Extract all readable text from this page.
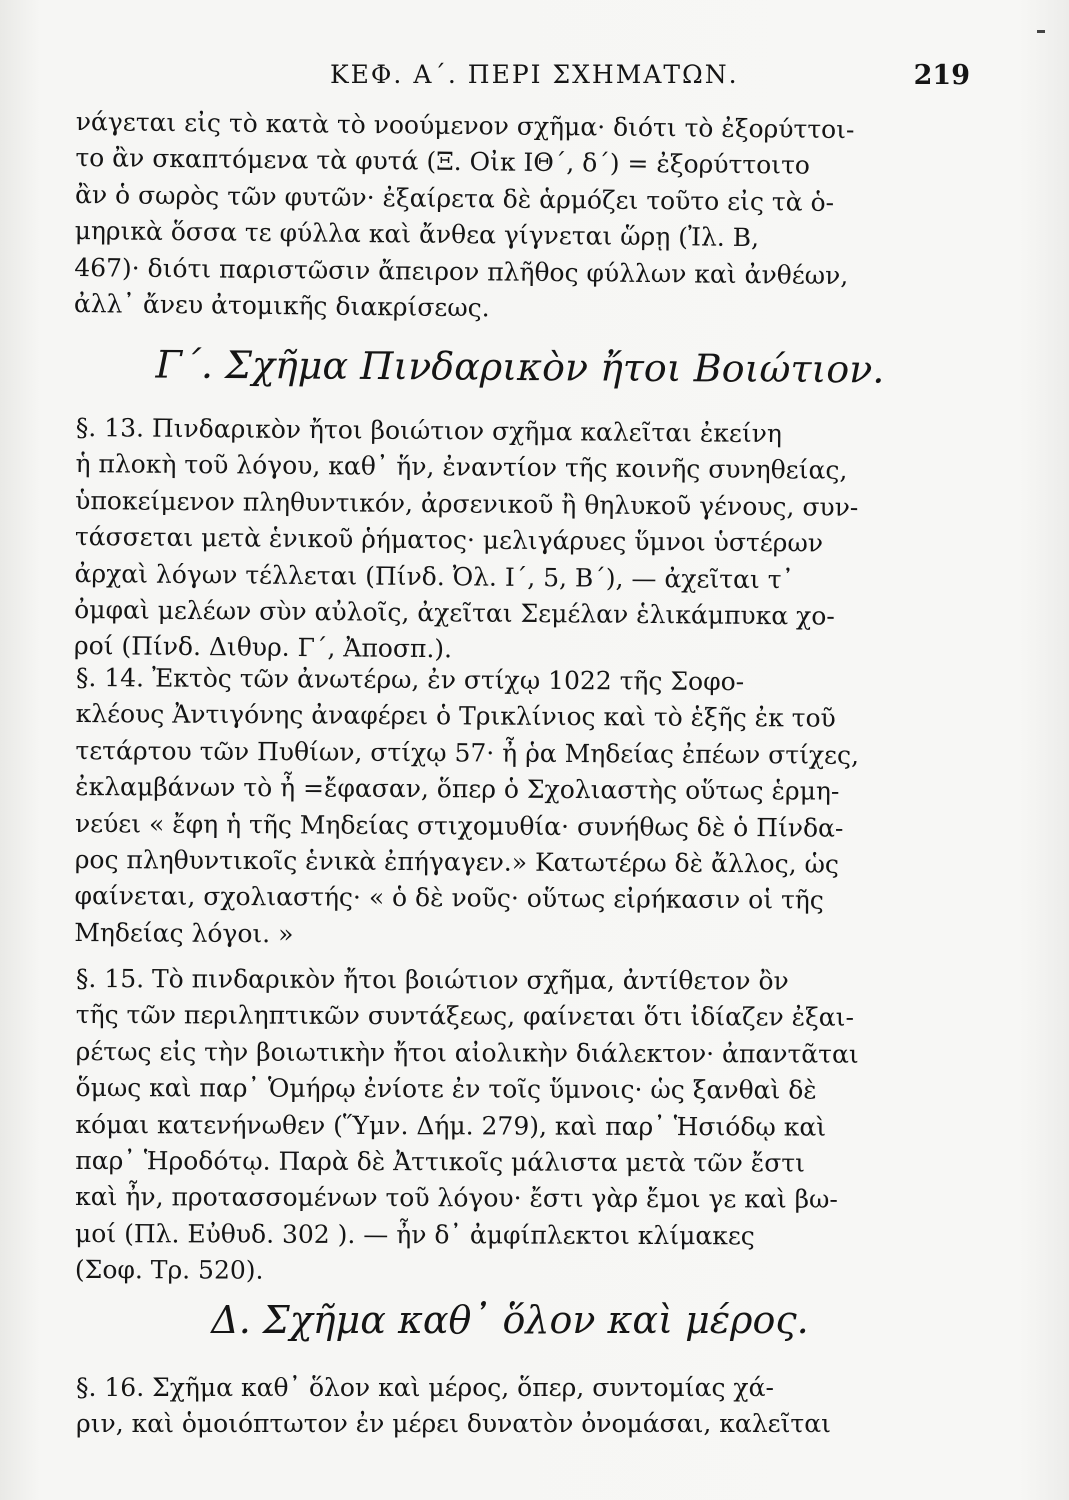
ΚΕΦ. Α΄. ΠΕΡΙ ΣΧΗΜΑΤΩΝ.	219
νάγεται εἰς τὸ κατὰ τὸ νοούμενον σχῆμα· διότι τὸ ἐξορύττοι-
το ἂν σκαπτόμενα τὰ φυτά (Ξ. Οἰκ ΙΘ΄, δ΄) = ἐξορύττοιτο
ἂν ὁ σωρὸς τῶν φυτῶν· ἐξαίρετα δὲ ἁρμόζει τοῦτο εἰς τὰ ὁ-
μηρικὰ ὅσσα τε φύλλα καὶ ἄνθεα γίγνεται ὥρῃ (Ἰλ. Β,
467)· διότι παριστῶσιν ἄπειρον πλῆθος φύλλων καὶ ἀνθέων,
ἀλλ᾽ ἄνευ ἀτομικῆς διακρίσεως.
Γ΄. Σχῆμα Πινδαρικὸν ἤτοι Βοιώτιον.
§. 13. Πινδαρικὸν ἤτοι βοιώτιον σχῆμα καλεῖται ἐκείνη
ἡ πλοκὴ τοῦ λόγου, καθ᾽ ἥν, ἐναντίον τῆς κοινῆς συνηθείας,
ὑποκείμενον πληθυντικόν, ἀρσενικοῦ ἢ θηλυκοῦ γένους, συν-
τάσσεται μετὰ ἑνικοῦ ῥήματος· μελιγάρυες ὕμνοι ὑστέρων
ἀρχαὶ λόγων τέλλεται (Πίνδ. Ὀλ. Ι΄, 5, Β΄), — ἀχεῖται τ᾽
ὀμφαὶ μελέων σὺν αὐλοῖς, ἀχεῖται Σεμέλαν ἑλικάμπυκα χο-
ροί (Πίνδ. Διθυρ. Γ΄, Ἀποσπ.).
§. 14. Ἐκτὸς τῶν ἀνωτέρω, ἐν στίχῳ 1022 τῆς Σοφο-
κλέους Ἀντιγόνης ἀναφέρει ὁ Τρικλίνιος καὶ τὸ ἑξῆς ἐκ τοῦ
τετάρτου τῶν Πυθίων, στίχῳ 57· ἦ ῥα Μηδείας ἐπέων στίχες,
ἐκλαμβάνων τὸ ἦ =ἔφασαν, ὅπερ ὁ Σχολιαστὴς οὕτως ἑρμη-
νεύει « ἔφη ἡ τῆς Μηδείας στιχομυθία· συνήθως δὲ ὁ Πίνδα-
ρος πληθυντικοῖς ἑνικὰ ἐπήγαγεν.» Κατωτέρω δὲ ἄλλος, ὡς
φαίνεται, σχολιαστής· « ὁ δὲ νοῦς· οὕτως εἰρήκασιν οἱ τῆς
Μηδείας λόγοι. »
§. 15. Τὸ πινδαρικὸν ἤτοι βοιώτιον σχῆμα, ἀντίθετον ὂν
τῆς τῶν περιληπτικῶν συντάξεως, φαίνεται ὅτι ἰδίαζεν ἐξαι-
ρέτως εἰς τὴν βοιωτικὴν ἤτοι αἰολικὴν διάλεκτον· ἀπαντᾶται
ὅμως καὶ παρ᾽ Ὁμήρῳ ἐνίοτε ἐν τοῖς ὕμνοις· ὡς ξανθαὶ δὲ
κόμαι κατενήνωθεν (Ὕμν. Δήμ. 279), καὶ παρ᾽ Ἡσιόδῳ καὶ
παρ᾽ Ἡροδότῳ. Παρὰ δὲ Ἀττικοῖς μάλιστα μετὰ τῶν ἔστι
καὶ ἦν, προτασσομένων τοῦ λόγου· ἔστι γὰρ ἔμοι γε καὶ βω-
μοί (Πλ. Εὐθυδ. 302 ). — ἦν δ᾽ ἀμφίπλεκτοι κλίμακες
(Σοφ. Τρ. 520).
Δ. Σχῆμα καθ᾽ ὅλον καὶ μέρος.
§. 16. Σχῆμα καθ᾽ ὅλον καὶ μέρος, ὅπερ, συντομίας χά-
ριν, καὶ ὁμοιόπτωτον ἐν μέρει δυνατὸν ὀνομάσαι, καλεῖται
